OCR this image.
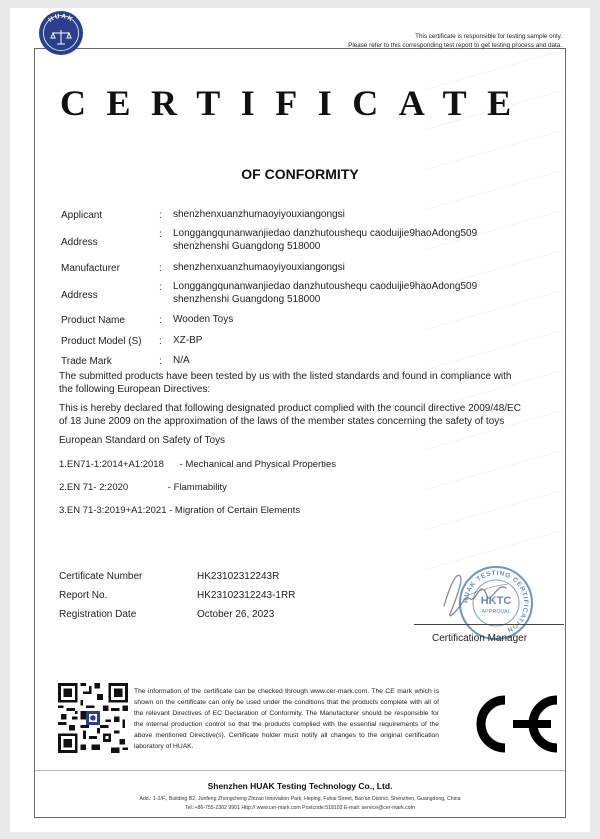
HUAK
This certificate is responsible for testing sample only.
Please refer to this corresponding test report to get testing process and data.
CERTIFICATE
OF CONFORMITY
Applicant	: shenzhenxuanzhumaoyiyouxiangongsi
Address
: Longgangqunanwanjiedao danzhutoushequ caoduijie9haoAdong509
shenzhenshi Guangdong 518000
Manufacturer	: shenzhenxuanzhumaoyiyouxiangongsi
Address
: Longgangqunanwanjiedao danzhutoushequ caoduijie9haoAdong509
shenzhenshi Guangdong 518000
Product Name	: Wooden Toys
Product Model (S) : XZ-BP
Trade Mark	: N/A
The submitted products have been tested by us with the listed standards and found in compliance with
the following European Directives:
This is hereby declared that following designated product complied with the council directive 2009/48/EC
of 18 June 2009 on the approximation of the laws of the member states concerning the safety of toys
European Standard on Safety of Toys
1.EN71-1:2014+A1:2018      - Mechanical and Physical Properties
2.EN 71- 2:2020               - Flammability
3.EN 71-3:2019+A1:2021 - Migration of Certain Elements
Certificate Number	HK23102312243R
Report No.	HK23102312243-1RR
Registration Date	October 26, 2023
HUAK TESTING CERTIFICATION
HKTC
APPROVAL
Certification Manager
The information of the certificate can be checked through www.cer-mark.com. The CE mark which is shown on the certificate can only be used under the conditions that the products complete with all of the relevant Directives of EC Declaration of Conformity. The Manufacturer should be responsible for the internal production control so that the products complied with the essential requirements of the above mentioned Directive(s). Certificate holder must notify all changes to the original certification laboratory of HUAK.
Shenzhen HUAK Testing Technology Co., Ltd.
Add.: 1-2/F., Building B2, Junfeng Zhongcheng Zhizao Innovation Park, Heping, Fuhai Street, Bao'an District, Shenzhen, Guangdong, China
Tel.:+86-755-2302 9901 Http:// www.cer-mark.com Postcode:518103 E-mail: service@cer-mark.com
